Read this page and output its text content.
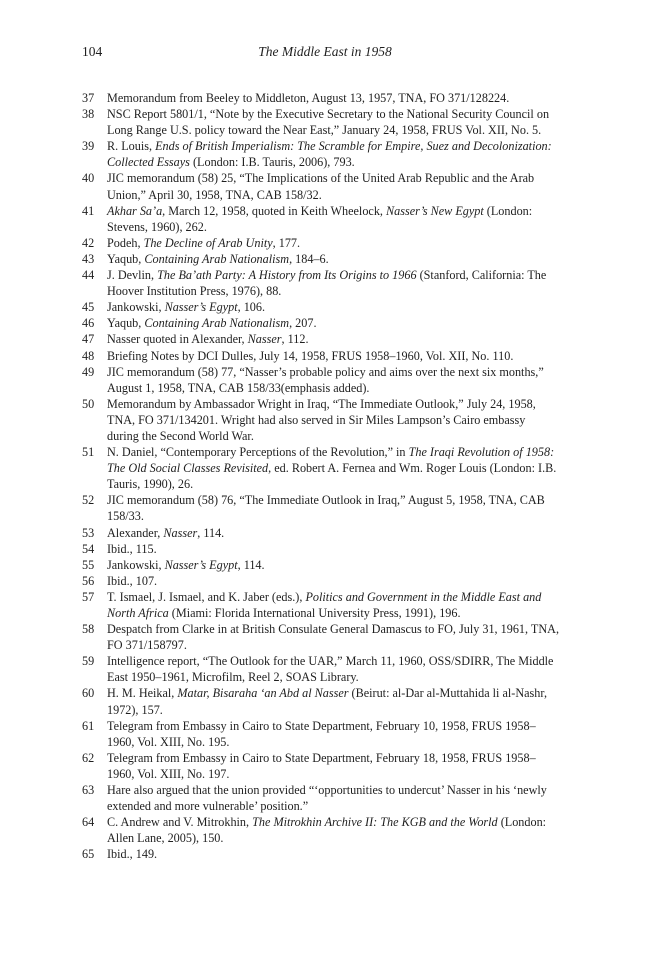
104	The Middle East in 1958
37 Memorandum from Beeley to Middleton, August 13, 1957, TNA, FO 371/128224.
38 NSC Report 5801/1, “Note by the Executive Secretary to the National Security Council on Long Range U.S. policy toward the Near East,” January 24, 1958, FRUS Vol. XII, No. 5.
39 R. Louis, Ends of British Imperialism: The Scramble for Empire, Suez and Decolonization: Collected Essays (London: I.B. Tauris, 2006), 793.
40 JIC memorandum (58) 25, “The Implications of the United Arab Republic and the Arab Union,” April 30, 1958, TNA, CAB 158/32.
41 Akhar Sa’a, March 12, 1958, quoted in Keith Wheelock, Nasser’s New Egypt (London: Stevens, 1960), 262.
42 Podeh, The Decline of Arab Unity, 177.
43 Yaqub, Containing Arab Nationalism, 184–6.
44 J. Devlin, The Ba’ath Party: A History from Its Origins to 1966 (Stanford, California: The Hoover Institution Press, 1976), 88.
45 Jankowski, Nasser’s Egypt, 106.
46 Yaqub, Containing Arab Nationalism, 207.
47 Nasser quoted in Alexander, Nasser, 112.
48 Briefing Notes by DCI Dulles, July 14, 1958, FRUS 1958–1960, Vol. XII, No. 110.
49 JIC memorandum (58) 77, “Nasser’s probable policy and aims over the next six months,” August 1, 1958, TNA, CAB 158/33(emphasis added).
50 Memorandum by Ambassador Wright in Iraq, “The Immediate Outlook,” July 24, 1958, TNA, FO 371/134201. Wright had also served in Sir Miles Lampson’s Cairo embassy during the Second World War.
51 N. Daniel, “Contemporary Perceptions of the Revolution,” in The Iraqi Revolution of 1958: The Old Social Classes Revisited, ed. Robert A. Fernea and Wm. Roger Louis (London: I.B. Tauris, 1990), 26.
52 JIC memorandum (58) 76, “The Immediate Outlook in Iraq,” August 5, 1958, TNA, CAB 158/33.
53 Alexander, Nasser, 114.
54 Ibid., 115.
55 Jankowski, Nasser’s Egypt, 114.
56 Ibid., 107.
57 T. Ismael, J. Ismael, and K. Jaber (eds.), Politics and Government in the Middle East and North Africa (Miami: Florida International University Press, 1991), 196.
58 Despatch from Clarke in at British Consulate General Damascus to FO, July 31, 1961, TNA, FO 371/158797.
59 Intelligence report, “The Outlook for the UAR,” March 11, 1960, OSS/SDIRR, The Middle East 1950–1961, Microfilm, Reel 2, SOAS Library.
60 H. M. Heikal, Matar, Bisaraha ‘an Abd al Nasser (Beirut: al-Dar al-Muttahida li al-Nashr, 1972), 157.
61 Telegram from Embassy in Cairo to State Department, February 10, 1958, FRUS 1958–1960, Vol. XIII, No. 195.
62 Telegram from Embassy in Cairo to State Department, February 18, 1958, FRUS 1958–1960, Vol. XIII, No. 197.
63 Hare also argued that the union provided “‘opportunities to undercut’ Nasser in his ‘newly extended and more vulnerable’ position.”
64 C. Andrew and V. Mitrokhin, The Mitrokhin Archive II: The KGB and the World (London: Allen Lane, 2005), 150.
65 Ibid., 149.
